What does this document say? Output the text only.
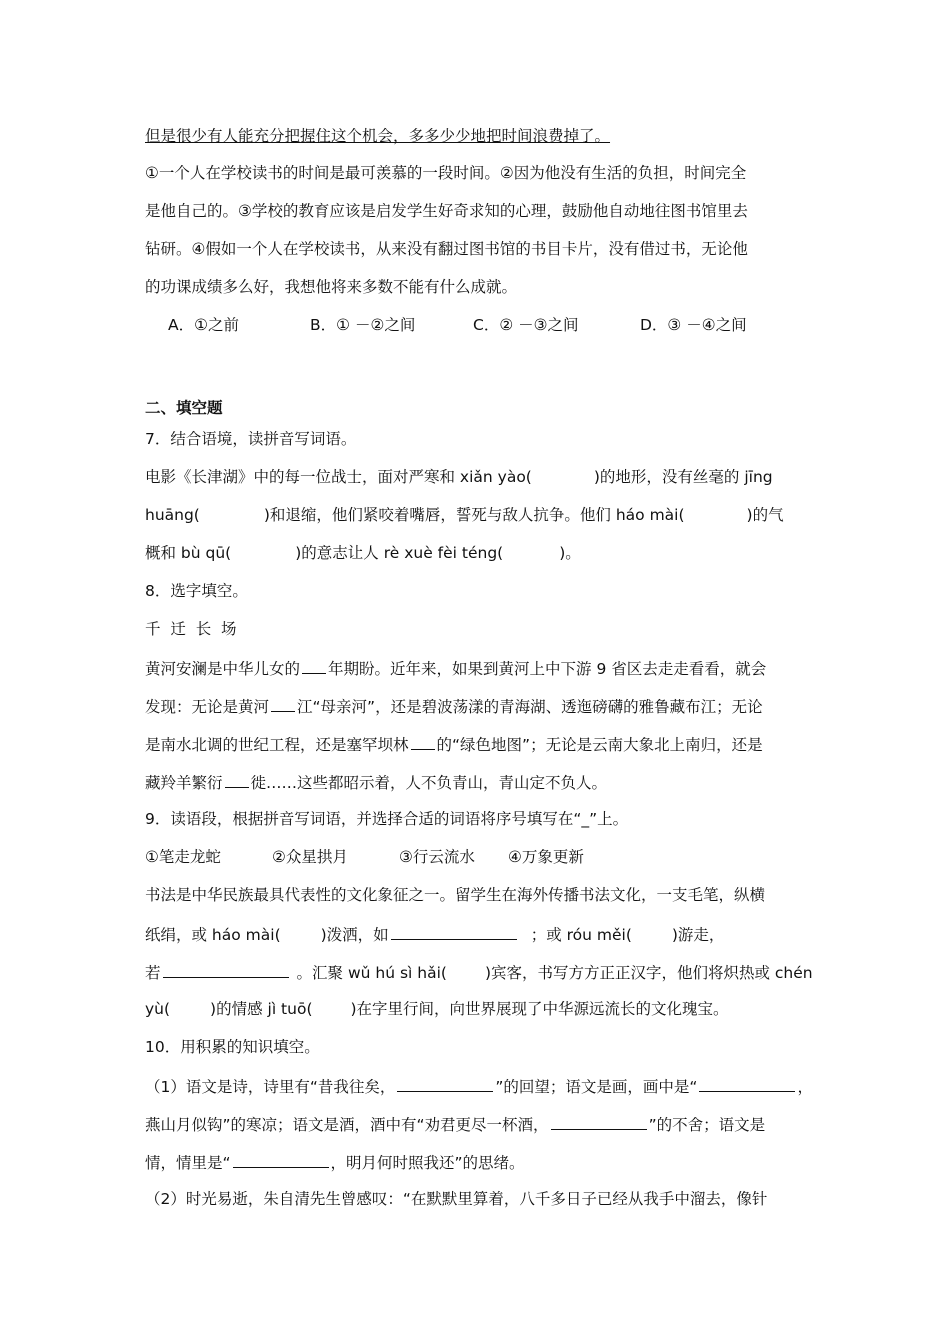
但是很少有人能充分把握住这个机会，多多少少地把时间浪费掉了。
①一个人在学校读书的时间是最可羡慕的一段时间。②因为他没有生活的负担，时间完全
是他自己的。③学校的教育应该是启发学生好奇求知的心理，鼓励他自动地往图书馆里去
钻研。④假如一个人在学校读书，从来没有翻过图书馆的书目卡片，没有借过书，无论他
的功课成绩多么好，我想他将来多数不能有什么成就。
A．①之前	B．① －②之间	C．② －③之间	D．③ －④之间
二、填空题
7．结合语境，读拼音写词语。
电影《长津湖》中的每一位战士，面对严寒和 xiǎn yào(	)的地形，没有丝毫的 jīng
huāng(	)和退缩，他们紧咬着嘴唇，誓死与敌人抗争。他们 háo mài(	)的气
概和 bù qū(	)的意志让人 rè xuè fèi téng(	)。
8．选字填空。
千  迁  长  场
黄河安澜是中华儿女的 年期盼。近年来，如果到黄河上中下游 9 省区去走走看看，就会
发现：无论是黄河 江“母亲河”，还是碧波荡漾的青海湖、透迤磅礴的雅鲁藏布江；无论
是南水北调的世纪工程，还是塞罕坝林 的“绿色地图”；无论是云南大象北上南归，还是
藏羚羊繁衍 徙……这些都昭示着，人不负青山，青山定不负人。
9．读语段，根据拼音写词语，并选择合适的词语将序号填写在“_”上。
①笔走龙蛇	②众星拱月	③行云流水 ④万象更新
书法是中华民族最具代表性的文化象征之一。留学生在海外传播书法文化，一支毛笔，纵横
纸绢，或 háo mài(	)泼洒，如	；或 róu měi(	)游走，
若	。汇聚 wǔ hú sì hǎi( )宾客，书写方方正正汉字，他们将炽热或 chén
yù(	)的情感 jì tuō( )在字里行间，向世界展现了中华源远流长的文化瑰宝。
10．用积累的知识填空。
（1）语文是诗，诗里有“昔我往矣，	”的回望；语文是画，画中是“	，
燕山月似钩”的寒凉；语文是酒，酒中有“劝君更尽一杯酒，	”的不舍；语文是
情，情里是“	，明月何时照我还”的思绪。
（2）时光易逝，朱自清先生曾感叹：“在默默里算着，八千多日子已经从我手中溜去，像针
